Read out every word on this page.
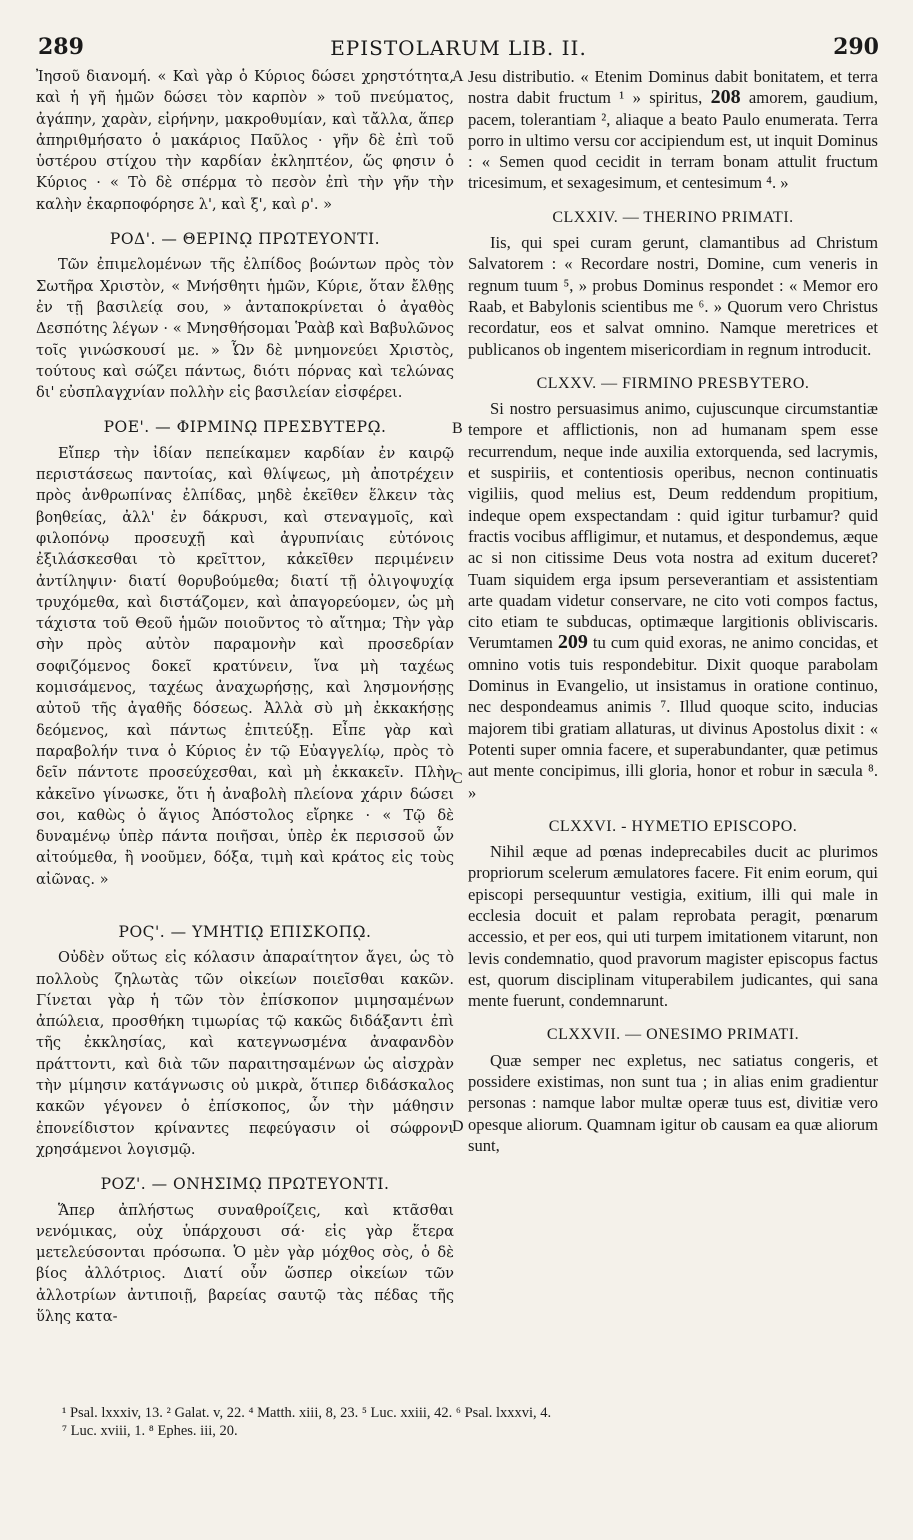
289	EPISTOLARUM LIB. II.	290

Ἰησοῦ διανομή. « Καὶ γὰρ ὁ Κύριος δώσει χρηστότητα, καὶ ἡ γῆ ἡμῶν δώσει τὸν καρπὸν » τοῦ πνεύματος, ἀγάπην, χαρὰν, εἰρήνην, μακροθυμίαν, καὶ τἄλλα, ἅπερ ἀπηριθμήσατο ὁ μακάριος Παῦλος · γῆν δὲ ἐπὶ τοῦ ὑστέρου στίχου τὴν καρδίαν ἐκληπτέον, ὥς φησιν ὁ Κύριος · « Τὸ δὲ σπέρμα τὸ πεσὸν ἐπὶ τὴν γῆν τὴν καλὴν ἐκαρποφόρησε λ', καὶ ξ', καὶ ρ'. »

ΡΟΔ'. — ΘΕΡΙΝῼ ΠΡΩΤΕΥΟΝΤΙ.

Τῶν ἐπιμελομένων τῆς ἐλπίδος βοώντων πρὸς τὸν Σωτῆρα Χριστὸν, « Μνήσθητι ἡμῶν, Κύριε, ὅταν ἔλθῃς ἐν τῇ βασιλείᾳ σου, » ἀνταποκρίνεται ὁ ἀγαθὸς Δεσπότης λέγων · « Μνησθήσομαι Ῥαὰβ καὶ Βαβυλῶνος τοῖς γινώσκουσί με. » Ὧν δὲ μνημονεύει Χριστὸς, τούτους καὶ σώζει πάντως, διότι πόρνας καὶ τελώνας δι' εὐσπλαγχνίαν πολλὴν εἰς βασιλείαν εἰσφέρει.

ΡΟΕ'. — ΦΙΡΜΙΝῼ ΠΡΕΣΒΥΤΕΡῼ.

Εἴπερ τὴν ἰδίαν πεπείκαμεν καρδίαν ἐν καιρῷ περιστάσεως παντοίας, καὶ θλίψεως, μὴ ἀποτρέχειν πρὸς ἀνθρωπίνας ἐλπίδας, μηδὲ ἐκεῖθεν ἕλκειν τὰς βοηθείας, ἀλλ' ἐν δάκρυσι, καὶ στεναγμοῖς, καὶ φιλοπόνῳ προσευχῇ καὶ ἀγρυπνίαις εὐτόνοις ἐξιλάσκεσθαι τὸ κρεῖττον, κἀκεῖθεν περιμένειν ἀντίληψιν· διατί θορυβούμεθα; διατί τῇ ὀλιγοψυχίᾳ τρυχόμεθα, καὶ διστάζομεν, καὶ ἀπαγορεύομεν, ὡς μὴ τάχιστα τοῦ Θεοῦ ἡμῶν ποιοῦντος τὸ αἴτημα; Τὴν γὰρ σὴν πρὸς αὐτὸν παραμονὴν καὶ προσεδρίαν σοφιζόμενος δοκεῖ κρατύνειν, ἵνα μὴ ταχέως κομισάμενος, ταχέως ἀναχωρήσῃς, καὶ λησμονήσῃς αὐτοῦ τῆς ἀγαθῆς δόσεως. Ἀλλὰ σὺ μὴ ἐκκακήσῃς δεόμενος, καὶ πάντως ἐπιτεύξῃ. Εἶπε γὰρ καὶ παραβολήν τινα ὁ Κύριος ἐν τῷ Εὐαγγελίῳ, πρὸς τὸ δεῖν πάντοτε προσεύχεσθαι, καὶ μὴ ἐκκακεῖν. Πλὴν κἀκεῖνο γίνωσκε, ὅτι ἡ ἀναβολὴ πλείονα χάριν δώσει σοι, καθὼς ὁ ἅγιος Ἀπόστολος εἴρηκε · « Τῷ δὲ δυναμένῳ ὑπὲρ πάντα ποιῆσαι, ὑπὲρ ἐκ περισσοῦ ὧν αἰτούμεθα, ἢ νοοῦμεν, δόξα, τιμὴ καὶ κράτος εἰς τοὺς αἰῶνας. »

ΡΟϚ'. — ΥΜΗΤΙῼ ΕΠΙΣΚΟΠῼ.

Οὐδὲν οὕτως εἰς κόλασιν ἀπαραίτητον ἄγει, ὡς τὸ πολλοὺς ζηλωτὰς τῶν οἰκείων ποιεῖσθαι κακῶν. Γίνεται γὰρ ἡ τῶν τὸν ἐπίσκοπον μιμησαμένων ἀπώλεια, προσθήκη τιμωρίας τῷ κακῶς διδάξαντι ἐπὶ τῆς ἐκκλησίας, καὶ κατεγνωσμένα ἀναφανδὸν πράττοντι, καὶ διὰ τῶν παραιτησαμένων ὡς αἰσχρὰν τὴν μίμησιν κατάγνωσις οὐ μικρὰ, ὅτιπερ διδάσκαλος κακῶν γέγονεν ὁ ἐπίσκοπος, ὧν τὴν μάθησιν ἐπονείδιστον κρίναντες πεφεύγασιν οἱ σώφρονι χρησάμενοι λογισμῷ.

ΡΟΖ'. — ΟΝΗΣΙΜῼ ΠΡΩΤΕΥΟΝΤΙ.

Ἅπερ ἀπλήστως συναθροίζεις, καὶ κτᾶσθαι νενόμικας, οὐχ ὑπάρχουσι σά· εἰς γὰρ ἕτερα μετελεύσονται πρόσωπα. Ὁ μὲν γὰρ μόχθος σὸς, ὁ δὲ βίος ἀλλότριος. Διατί οὖν ὥσπερ οἰκείων τῶν ἀλλοτρίων ἀντιποιῇ, βαρείας σαυτῷ τὰς πέδας τῆς ὕλης κατα-

A
B
C
D

Jesu distributio. « Etenim Dominus dabit bonitatem, et terra nostra dabit fructum ¹ » spiritus, 208 amorem, gaudium, pacem, tolerantiam ², aliaque a beato Paulo enumerata. Terra porro in ultimo versu cor accipiendum est, ut inquit Dominus : « Semen quod cecidit in terram bonam attulit fructum tricesimum, et sexagesimum, et centesimum ⁴. »

CLXXIV. — THERINO PRIMATI.

Iis, qui spei curam gerunt, clamantibus ad Christum Salvatorem : « Recordare nostri, Domine, cum veneris in regnum tuum ⁵, » probus Dominus respondet : « Memor ero Raab, et Babylonis scientibus me ⁶. » Quorum vero Christus recordatur, eos et salvat omnino. Namque meretrices et publicanos ob ingentem misericordiam in regnum introducit.

CLXXV. — FIRMINO PRESBYTERO.

Si nostro persuasimus animo, cujuscunque circumstantiæ tempore et afflictionis, non ad humanam spem esse recurrendum, neque inde auxilia extorquenda, sed lacrymis, et suspiriis, et contentiosis operibus, necnon continuatis vigiliis, quod melius est, Deum reddendum propitium, indeque opem exspectandam : quid igitur turbamur? quid fractis vocibus affligimur, et nutamus, et despondemus, æque ac si non citissime Deus vota nostra ad exitum duceret? Tuam siquidem erga ipsum perseverantiam et assistentiam arte quadam videtur conservare, ne cito voti compos factus, cito etiam te subducas, optimæque largitionis obliviscaris. Verumtamen 209 tu cum quid exoras, ne animo concidas, et omnino votis tuis respondebitur. Dixit quoque parabolam Dominus in Evangelio, ut insistamus in oratione continuo, nec despondeamus animis ⁷. Illud quoque scito, inducias majorem tibi gratiam allaturas, ut divinus Apostolus dixit : « Potenti super omnia facere, et superabundanter, quæ petimus aut mente concipimus, illi gloria, honor et robur in sæcula ⁸. »

CLXXVI. - HYMETIO EPISCOPO.

Nihil æque ad pœnas indeprecabiles ducit ac plurimos propriorum scelerum æmulatores facere. Fit enim eorum, qui episcopi persequuntur vestigia, exitium, illi qui male in ecclesia docuit et palam reprobata peragit, pœnarum accessio, et per eos, qui uti turpem imitationem vitarunt, non levis condemnatio, quod pravorum magister episcopus factus est, quorum disciplinam vituperabilem judicantes, qui sana mente fuerunt, condemnarunt.

CLXXVII. — ONESIMO PRIMATI.

Quæ semper nec expletus, nec satiatus congeris, et possidere existimas, non sunt tua ; in alias enim gradientur personas : namque labor multæ operæ tuus est, divitiæ vero opesque aliorum. Quamnam igitur ob causam ea quæ aliorum sunt,

¹ Psal. lxxxiv, 13. ² Galat. v, 22. ⁴ Matth. xiii, 8, 23. ⁵ Luc. xxiii, 42. ⁶ Psal. lxxxvi, 4.
⁷ Luc. xviii, 1. ⁸ Ephes. iii, 20.
